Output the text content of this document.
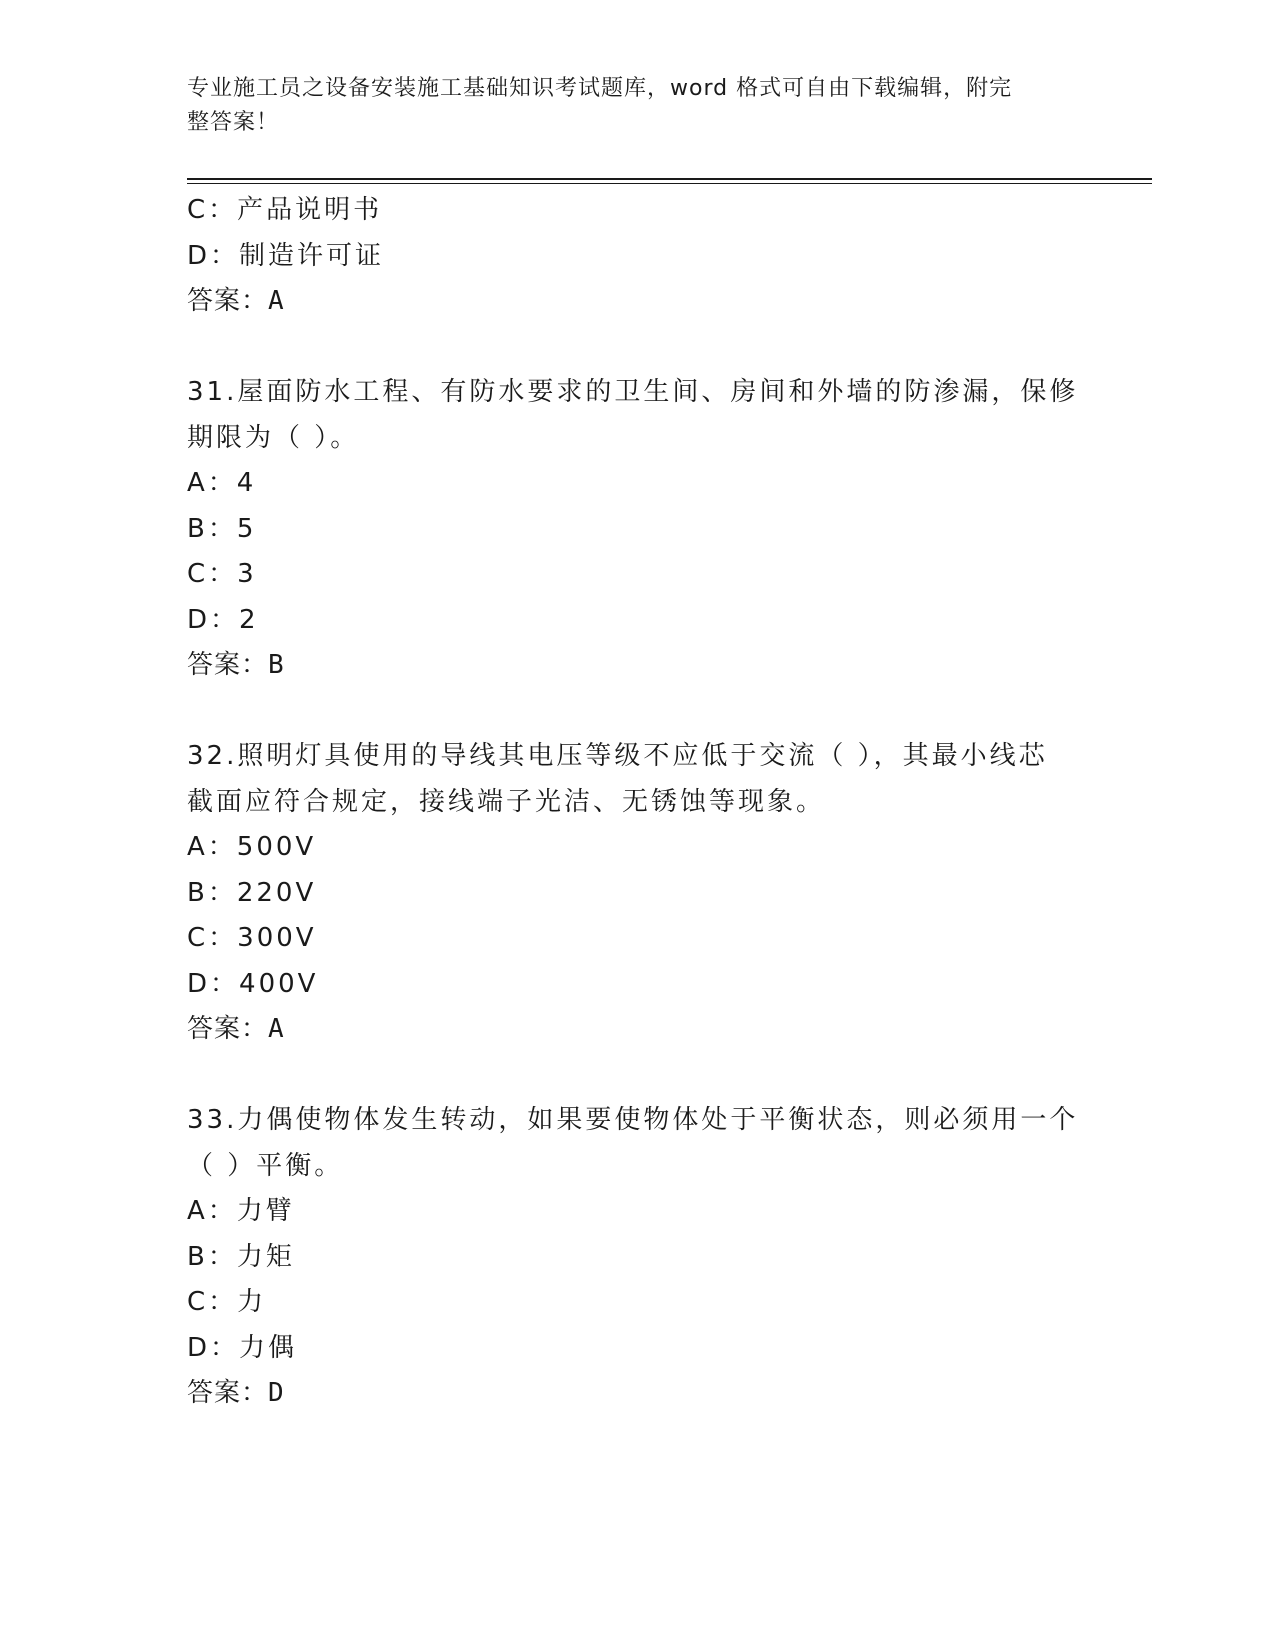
专业施工员之设备安装施工基础知识考试题库，word 格式可自由下载编辑，附完
整答案！
C：产品说明书
D：制造许可证
答案：A
31.屋面防水工程、有防水要求的卫生间、房间和外墙的防渗漏，保修
期限为（ ）。
A：4
B：5
C：3
D：2
答案：B
32.照明灯具使用的导线其电压等级不应低于交流（ ），其最小线芯
截面应符合规定，接线端子光洁、无锈蚀等现象。
A：500V
B：220V
C：300V
D：400V
答案：A
33.力偶使物体发生转动，如果要使物体处于平衡状态，则必须用一个
（ ）平衡。
A：力臂
B：力矩
C：力
D：力偶
答案：D
